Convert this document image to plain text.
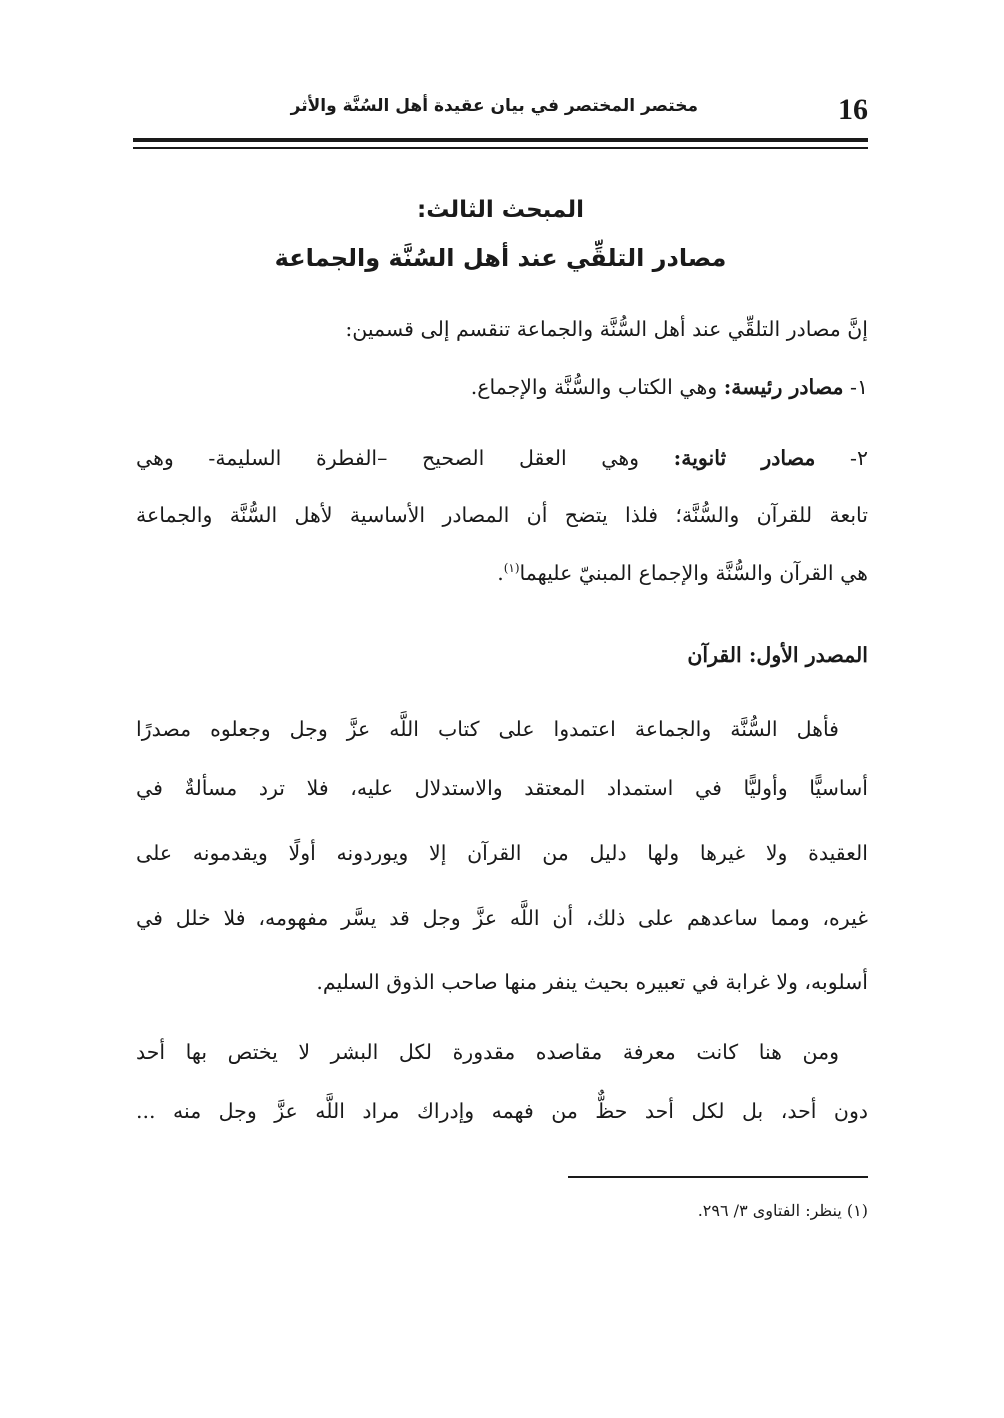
16
مختصر المختصر في بيان عقيدة أهل السُنَّة والأثر
المبحث الثالث:
مصادر التلقِّي عند أهل السُنَّة والجماعة
إنَّ مصادر التلقِّي عند أهل السُّنَّة والجماعة تنقسم إلى قسمين:
١- مصادر رئيسة: وهي الكتاب والسُّنَّة والإجماع.
٢- مصادر ثانوية: وهي العقل الصحيح –الفطرة السليمة- وهي
تابعة للقرآن والسُّنَّة؛ فلذا يتضح أن المصادر الأساسية لأهل السُّنَّة والجماعة
هي القرآن والسُّنَّة والإجماع المبنيّ عليهما$^{(١)}$.
المصدر الأول: القرآن
فأهل السُّنَّة والجماعة اعتمدوا على كتاب اللَّه عزَّ وجل وجعلوه مصدرًا
أساسيًّا وأوليًّا في استمداد المعتقد والاستدلال عليه، فلا ترد مسألةٌ في
العقيدة ولا غيرها ولها دليل من القرآن إلا ويوردونه أولًا ويقدمونه على
غيره، ومما ساعدهم على ذلك، أن اللَّه عزَّ وجل قد يسَّر مفهومه، فلا خلل في
أسلوبه، ولا غرابة في تعبيره بحيث ينفر منها صاحب الذوق السليم.
ومن هنا كانت معرفة مقاصده مقدورة لكل البشر لا يختص بها أحد
دون أحد، بل لكل أحد حظٌّ من فهمه وإدراك مراد اللَّه عزَّ وجل منه ...
(١) ينظر: الفتاوى ٣/ ٢٩٦.
